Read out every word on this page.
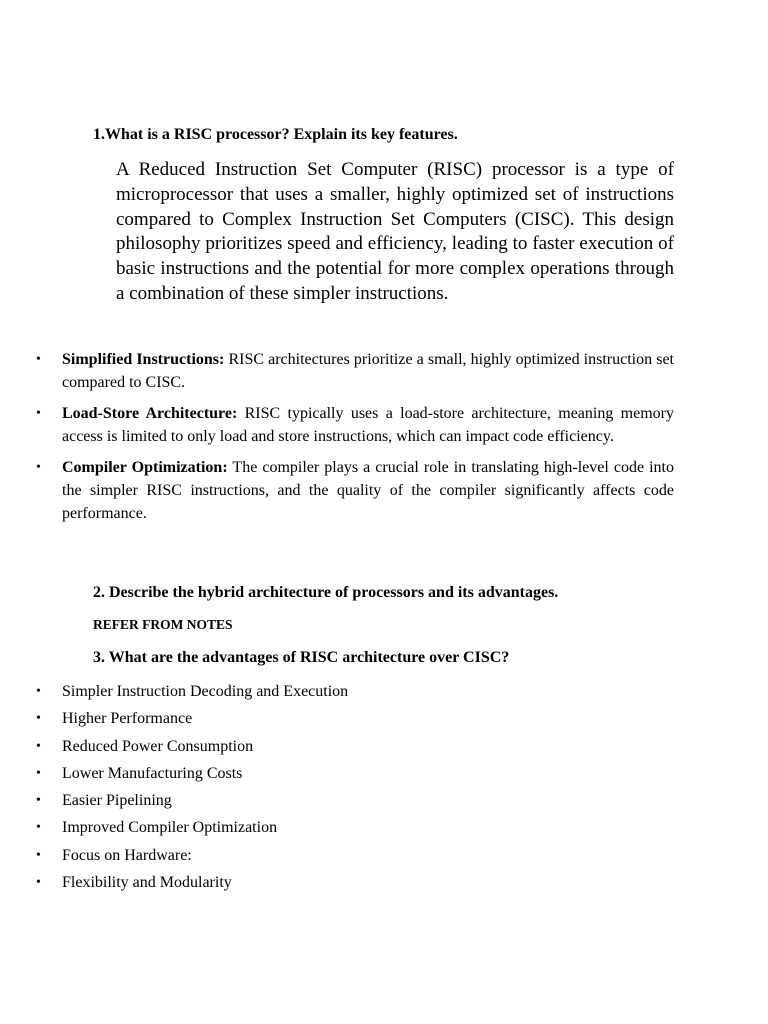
1.What is a RISC processor? Explain its key features.

A Reduced Instruction Set Computer (RISC) processor is a type of microprocessor that uses a smaller, highly optimized set of instructions compared to Complex Instruction Set Computers (CISC). This design philosophy prioritizes speed and efficiency, leading to faster execution of basic instructions and the potential for more complex operations through a combination of these simpler instructions.

• Simplified Instructions: RISC architectures prioritize a small, highly optimized instruction set compared to CISC.
• Load-Store Architecture: RISC typically uses a load-store architecture, meaning memory access is limited to only load and store instructions, which can impact code efficiency.
• Compiler Optimization: The compiler plays a crucial role in translating high-level code into the simpler RISC instructions, and the quality of the compiler significantly affects code performance.

2. Describe the hybrid architecture of processors and its advantages.

REFER FROM NOTES

3. What are the advantages of RISC architecture over CISC?

• Simpler Instruction Decoding and Execution
• Higher Performance
• Reduced Power Consumption
• Lower Manufacturing Costs
• Easier Pipelining
• Improved Compiler Optimization
• Focus on Hardware:
• Flexibility and Modularity
